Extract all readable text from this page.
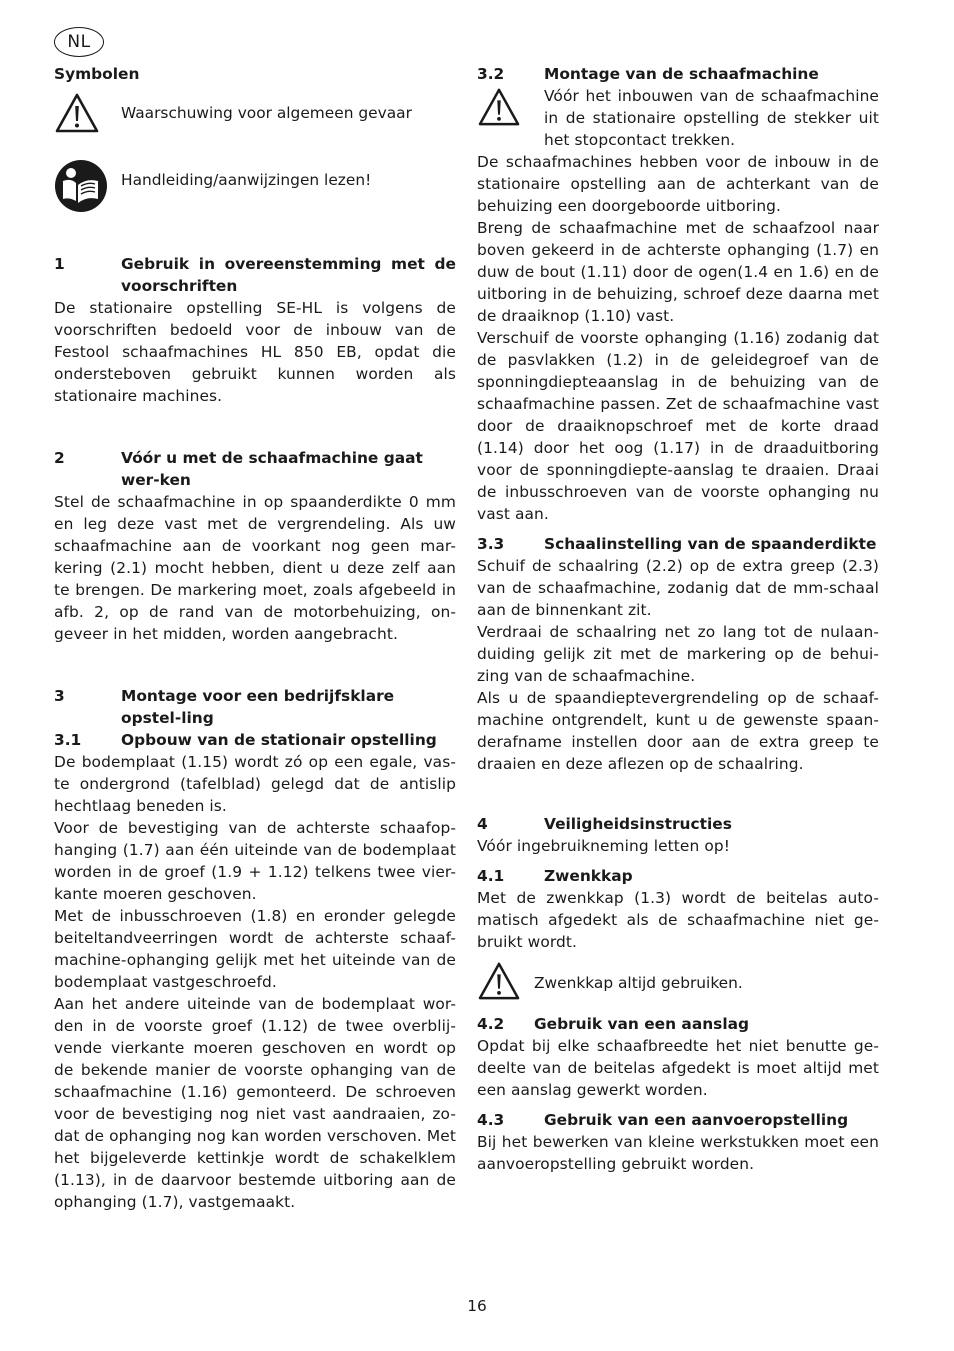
NL
Symbolen
Waarschuwing voor algemeen gevaar
Handleiding/aanwijzingen lezen!
1	Gebruik in overeenstemming met de voorschriften

De stationaire opstelling SE-HL is volgens de voorschriften bedoeld voor de inbouw van de Festool schaafmachines HL 850 EB, opdat die ondersteboven gebruikt kunnen worden als stationaire machines.

2	Vóór u met de schaafmachine gaat wer-ken

Stel de schaafmachine in op spaanderdikte 0 mm en leg deze vast met de vergrendeling. Als uw schaafmachine aan de voorkant nog geen mar-kering (2.1) mocht hebben, dient u deze zelf aan te brengen. De markering moet, zoals afgebeeld in afb. 2, op de rand van de motorbehuizing, on-geveer in het midden, worden aangebracht.

3	Montage voor een bedrijfsklare opstel-ling
3.1	Opbouw van de stationair opstelling

De bodemplaat (1.15) wordt zó op een egale, vas-te ondergrond (tafelblad) gelegd dat de antislip hechtlaag beneden is.

Voor de bevestiging van de achterste schaafop-hanging (1.7) aan één uiteinde van de bodemplaat worden in de groef (1.9 + 1.12) telkens twee vier-kante moeren geschoven.

Met de inbusschroeven (1.8) en eronder gelegde beiteltandveerringen wordt de achterste schaaf-machine-ophanging gelijk met het uiteinde van de bodemplaat vastgeschroefd.

Aan het andere uiteinde van de bodemplaat wor-den in de voorste groef (1.12) de twee overblij-vende vierkante moeren geschoven en wordt op de bekende manier de voorste ophanging van de schaafmachine (1.16) gemonteerd. De schroeven voor de bevestiging nog niet vast aandraaien, zo-dat de ophanging nog kan worden verschoven. Met het bijgeleverde kettinkje wordt de schakelklem (1.13), in de daarvoor bestemde uitboring aan de ophanging (1.7), vastgemaakt.

3.2	Montage van de schaafmachine

Vóór het inbouwen van de schaafmachine in de stationaire opstelling de stekker uit het stopcontact trekken.

De schaafmachines hebben voor de inbouw in de stationaire opstelling aan de achterkant van de behuizing een doorgeboorde uitboring.

Breng de schaafmachine met de schaafzool naar boven gekeerd in de achterste ophanging (1.7) en duw de bout (1.11) door de ogen(1.4 en 1.6) en de uitboring in de behuizing, schroef deze daarna met de draaiknop (1.10) vast.

Verschuif de voorste ophanging (1.16) zodanig dat de pasvlakken (1.2) in de geleidegroef van de sponningdiepteaanslag in de behuizing van de schaafmachine passen. Zet de schaafmachine vast door de draaiknopschroef met de korte draad (1.14) door het oog (1.17) in de draaduitboring voor de sponningdiepte-aanslag te draaien. Draai de inbusschroeven van de voorste ophanging nu vast aan.

3.3	Schaalinstelling van de spaanderdikte

Schuif de schaalring (2.2) op de extra greep (2.3) van de schaafmachine, zodanig dat de mm-schaal aan de binnenkant zit.

Verdraai de schaalring net zo lang tot de nulaan-duiding gelijk zit met de markering op de behui-zing van de schaafmachine.

Als u de spaandieptevergrendeling op de schaaf-machine ontgrendelt, kunt u de gewenste spaan-derafname instellen door aan de extra greep te draaien en deze aflezen op de schaalring.

4	Veiligheidsinstructies

Vóór ingebruikneming letten op!

4.1	Zwenkkap

Met de zwenkkap (1.3) wordt de beitelas auto-matisch afgedekt als de schaafmachine niet ge-bruikt wordt.

Zwenkkap altijd gebruiken.
4.2	Gebruik van een aanslag

Opdat bij elke schaafbreedte het niet benutte ge-deelte van de beitelas afgedekt is moet altijd met een aanslag gewerkt worden.

4.3	Gebruik van een aanvoeropstelling

Bij het bewerken van kleine werkstukken moet een aanvoeropstelling gebruikt worden.

16
